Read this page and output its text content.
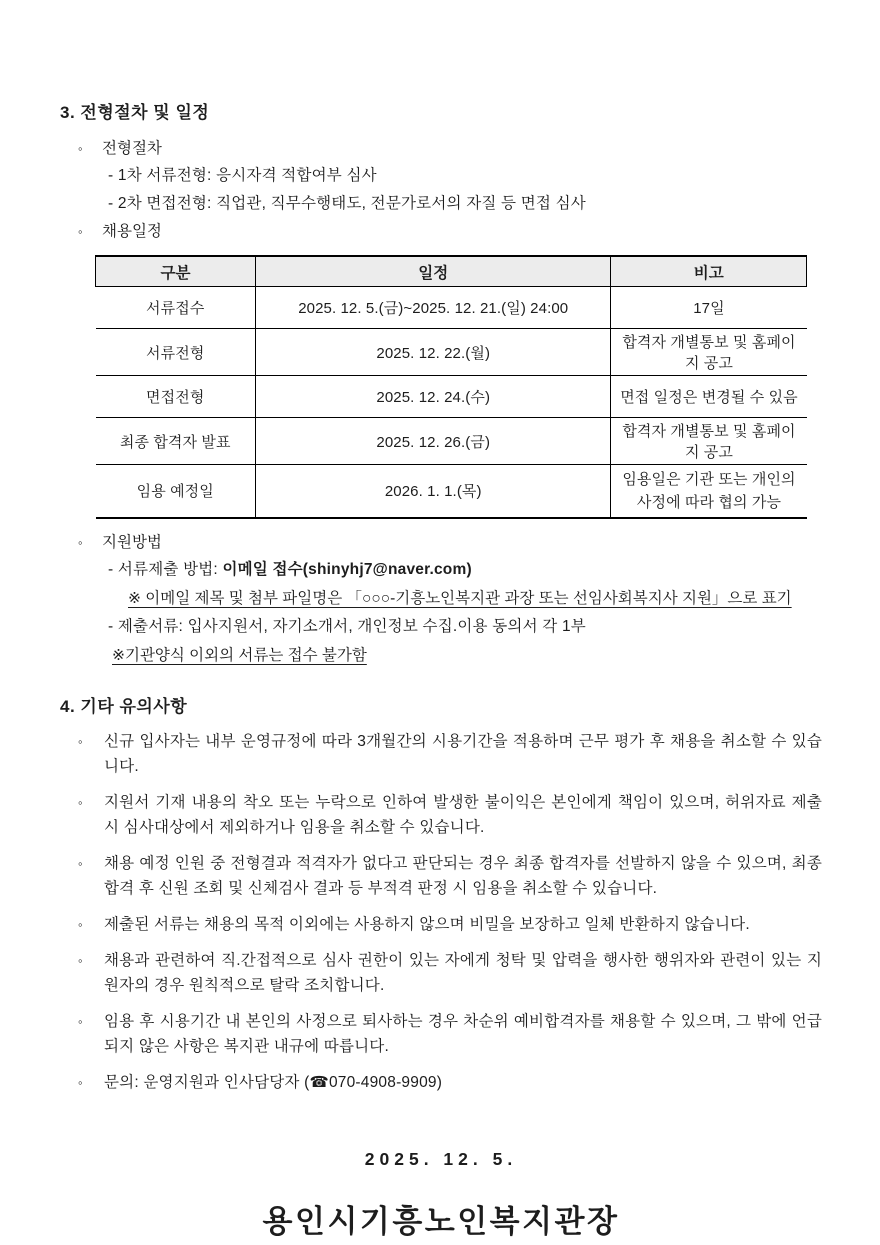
3. 전형절차 및 일정
◦	전형절차
- 1차 서류전형: 응시자격 적합여부 심사
- 2차 면접전형: 직업관, 직무수행태도, 전문가로서의 자질 등 면접 심사
◦	채용일정
구분	일정	비고
서류접수	2025. 12. 5.(금)~2025. 12. 21.(일) 24:00	17일
서류전형	2025. 12. 22.(월)	합격자 개별통보 및 홈페이지 공고
면접전형	2025. 12. 24.(수)	면접 일정은 변경될 수 있음
최종 합격자 발표	2025. 12. 26.(금)	합격자 개별통보 및 홈페이지 공고
임용 예정일	2026. 1. 1.(목)	임용일은 기관 또는 개인의 사정에 따라 협의 가능
◦	지원방법
- 서류제출 방법: 이메일 접수(shinyhj7@naver.com)
※ 이메일 제목 및 첨부 파일명은 「○○○-기흥노인복지관 과장 또는 선임사회복지사 지원」으로 표기
- 제출서류: 입사지원서, 자기소개서, 개인정보 수집.이용 동의서 각 1부
※기관양식 이외의 서류는 접수 불가함
4. 기타 유의사항
◦	신규 입사자는 내부 운영규정에 따라 3개월간의 시용기간을 적용하며 근무 평가 후 채용을 취소할 수 있습니다.
◦	지원서 기재 내용의 착오 또는 누락으로 인하여 발생한 불이익은 본인에게 책임이 있으며, 허위자료 제출 시 심사대상에서 제외하거나 임용을 취소할 수 있습니다.
◦	채용 예정 인원 중 전형결과 적격자가 없다고 판단되는 경우 최종 합격자를 선발하지 않을 수 있으며, 최종 합격 후 신원 조회 및 신체검사 결과 등 부적격 판정 시 임용을 취소할 수 있습니다.
◦	제출된 서류는 채용의 목적 이외에는 사용하지 않으며 비밀을 보장하고 일체 반환하지 않습니다.
◦	채용과 관련하여 직.간접적으로 심사 권한이 있는 자에게 청탁 및 압력을 행사한 행위자와 관련이 있는 지원자의 경우 원칙적으로 탈락 조치합니다.
◦	임용 후 시용기간 내 본인의 사정으로 퇴사하는 경우 차순위 예비합격자를 채용할 수 있으며, 그 밖에 언급되지 않은 사항은 복지관 내규에 따릅니다.
◦	문의: 운영지원과 인사담당자 (☎070-4908-9909)
2025. 12. 5.
용인시기흥노인복지관장
